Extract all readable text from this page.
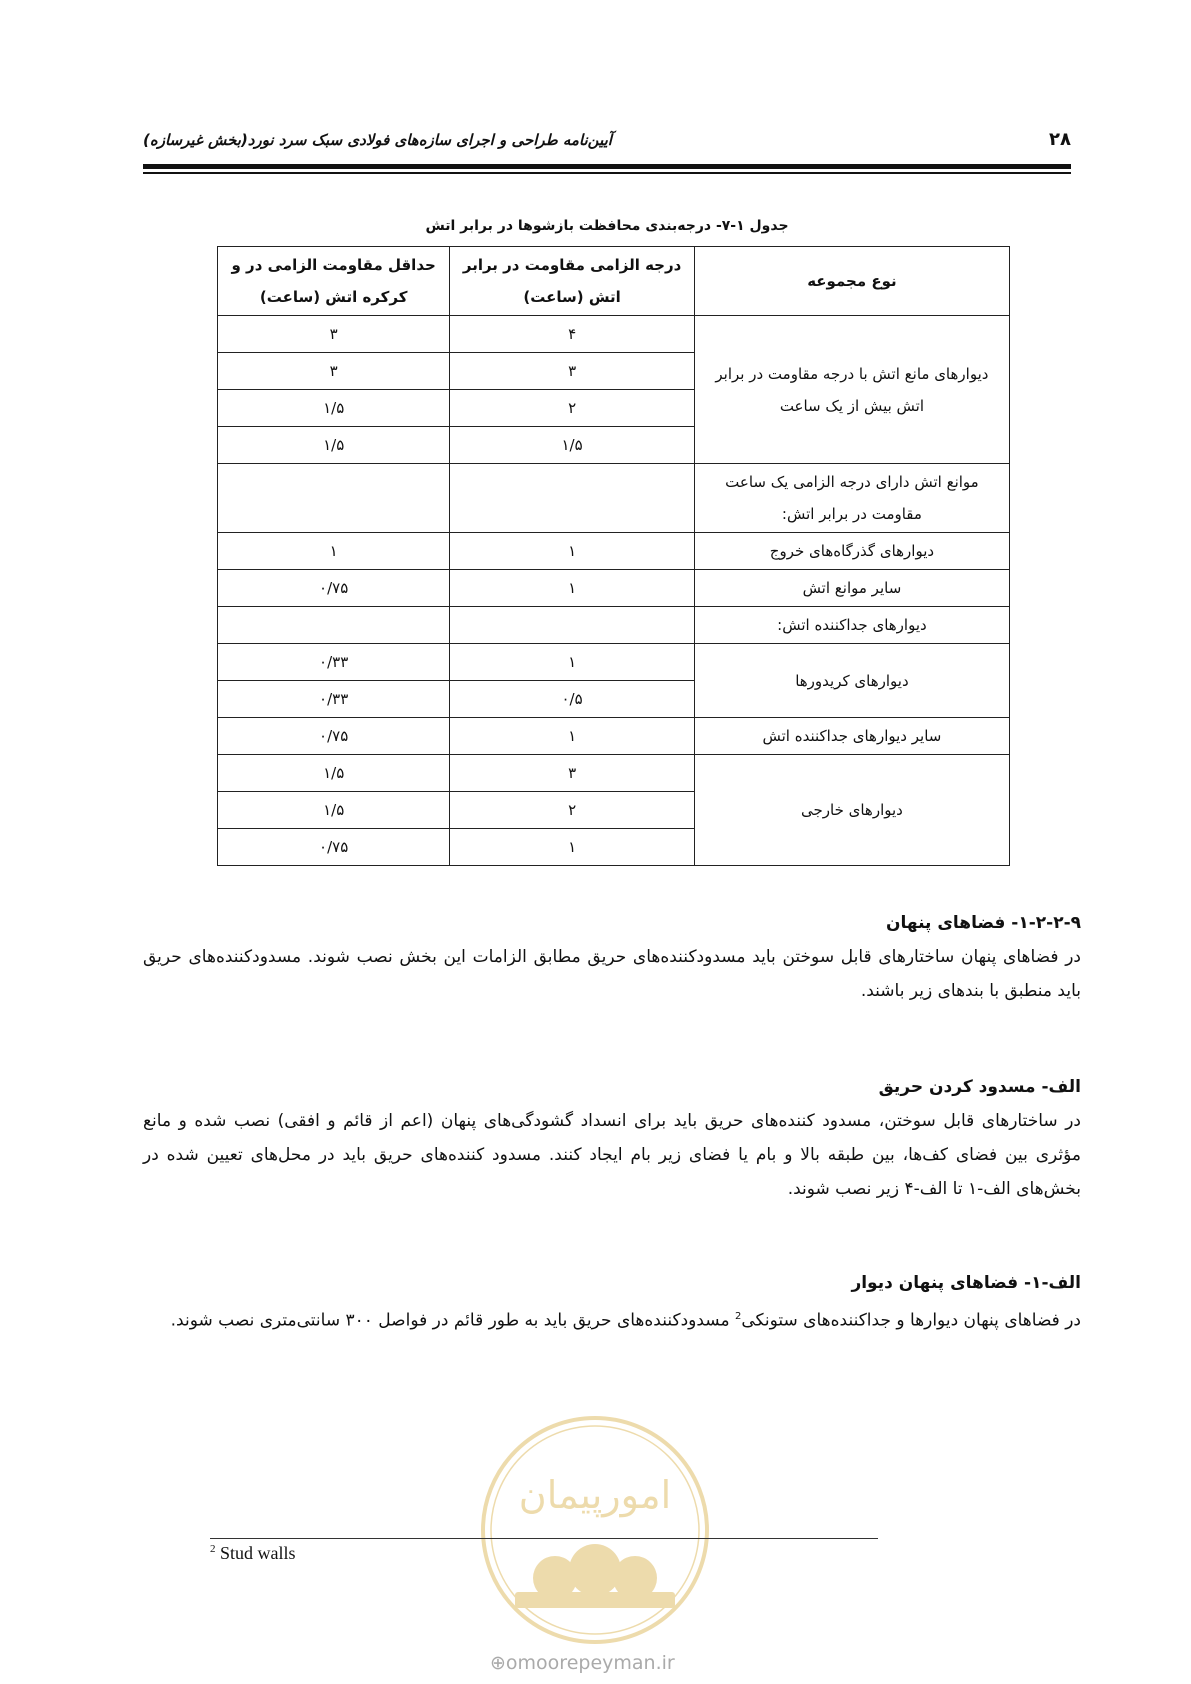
۲۸
آیین‌نامه طراحی و اجرای سازه‌های فولادی سبک سرد نورد(بخش غیرسازه)
جدول ۱-۷- درجه‌بندی محافظت بازشوها در برابر اتش
نوع مجموعه	درجه الزامی مقاومت در برابر اتش (ساعت)	حداقل مقاومت الزامی در و کرکره اتش (ساعت)
دیوارهای مانع اتش با درجه مقاومت در برابر اتش بیش از یک ساعت	۴	۳
	۳	۳
	۲	۱/۵
	۱/۵	۱/۵
موانع اتش دارای درجه الزامی یک ساعت مقاومت در برابر اتش:		
دیوارهای گذرگاه‌های خروج	۱	۱
سایر موانع اتش	۱	۰/۷۵
دیوارهای جداکننده اتش:		
دیوارهای کریدورها	۱	۰/۳۳
	۰/۵	۰/۳۳
سایر دیوارهای جداکننده اتش	۱	۰/۷۵
دیوارهای خارجی	۳	۱/۵
	۲	۱/۵
	۱	۰/۷۵
۱-۲-۲-۹- فضاهای پنهان

در فضاهای پنهان ساختارهای قابل سوختن باید مسدودکننده‌های حریق مطابق الزامات این بخش نصب شوند. مسدودکننده‌های حریق باید منطبق با بندهای زیر باشند.

الف- مسدود کردن حریق

در ساختارهای قابل سوختن، مسدود کننده‌های حریق باید برای انسداد گشودگی‌های پنهان (اعم از قائم و افقی) نصب شده و مانع مؤثری بین فضای کف‌ها، بین طبقه بالا و بام یا فضای زیر بام ایجاد کنند. مسدود کننده‌های حریق باید در محل‌های تعیین شده در بخش‌های الف-۱ تا الف-۴ زیر نصب شوند.

الف-۱- فضاهای پنهان دیوار

در فضاهای پنهان دیوارها و جداکننده‌های ستونکی$^2$ مسدودکننده‌های حریق باید به طور قائم در فواصل ۳۰۰ سانتی‌متری نصب شوند.

امورپیمان
$^2$ Stud walls
⊕omoorepeyman.ir
